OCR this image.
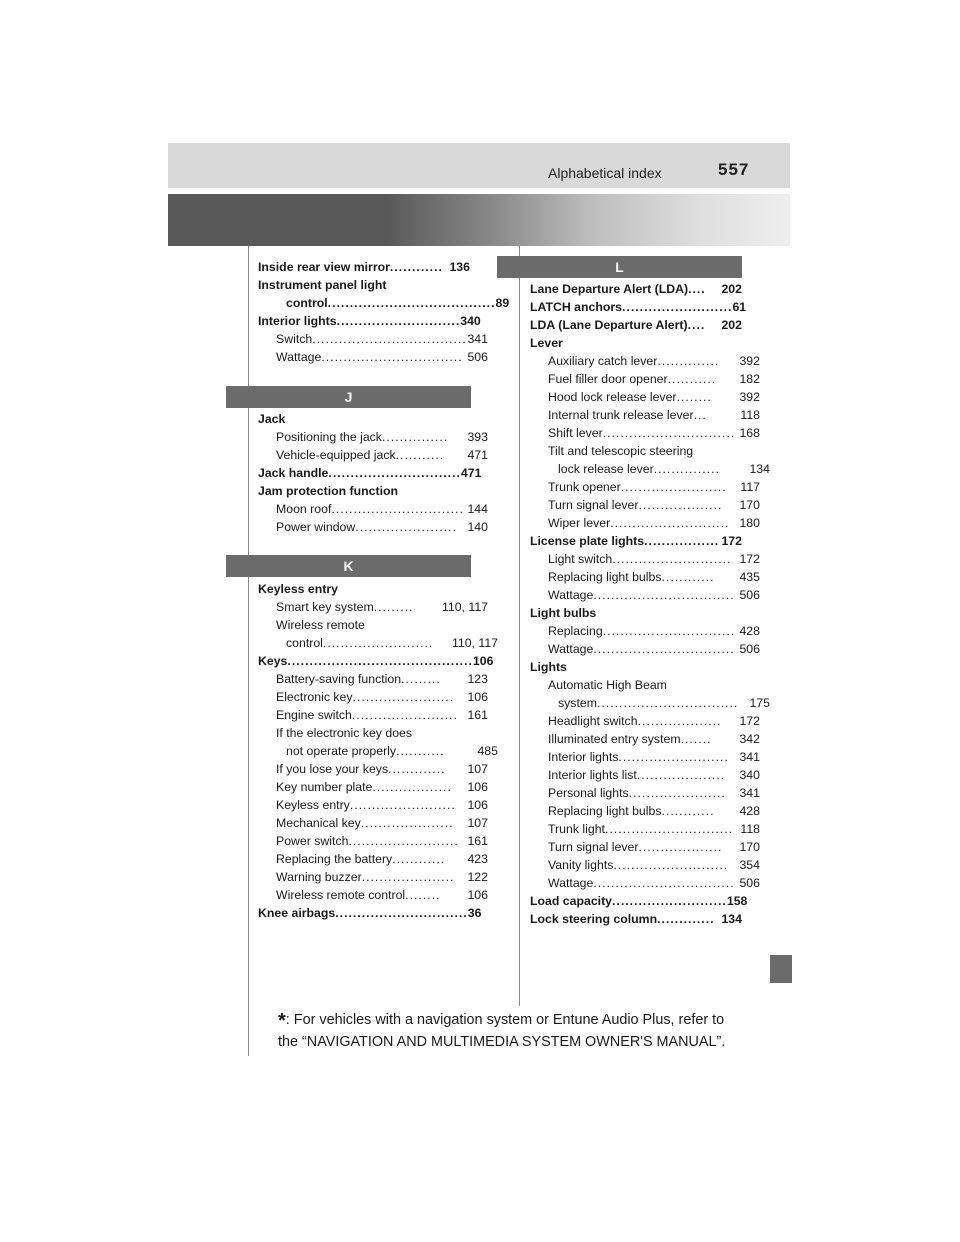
Alphabetical index	557
Inside rear view mirror ............ 136
Instrument panel light
control ...................................... 89
Interior lights ............................ 340
Switch ................................... 341
Wattage ................................ 506
J
Jack
Positioning the jack ...............	393
Vehicle-equipped jack ...........	471
Jack handle .............................. 471
Jam protection function
Moon roof .............................. 144
Power window ....................... 140
K
Keyless entry
Smart key system .........	110, 117
Wireless remote
control .........................	110, 117
Keys .......................................... 106
Battery-saving function .........	123
Electronic key .......................	106
Engine switch ........................ 161
If the electronic key does
not operate properly ...........	485
If you lose your keys .............	107
Key number plate ..................	106
Keyless entry ........................ 106
Mechanical key .....................	107
Power switch ......................... 161
Replacing the battery ............	423
Warning buzzer .....................	122
Wireless remote control ........	106
Knee airbags .............................. 36
L
Lane Departure Alert (LDA) ....	202
LATCH anchors ......................... 61
LDA (Lane Departure Alert) ....	202
Lever
Auxiliary catch lever ..............	392
Fuel filler door opener ...........	182
Hood lock release lever ........	392
Internal trunk release lever ...	118
Shift lever .............................. 168
Tilt and telescopic steering
lock release lever ...............	134
Trunk opener ........................	117
Turn signal lever ...................	170
Wiper lever ........................... 180
License plate lights ................. 172
Light switch ........................... 172
Replacing light bulbs ............	435
Wattage ................................ 506
Light bulbs
Replacing .............................. 428
Wattage ................................ 506
Lights
Automatic High Beam
system ................................ 175
Headlight switch ...................	172
Illuminated entry system .......	342
Interior lights ......................... 341
Interior lights list ....................	340
Personal lights ......................	341
Replacing light bulbs ............	428
Trunk light ............................. 118
Turn signal lever ...................	170
Vanity lights .......................... 354
Wattage ................................ 506
Load capacity .......................... 158
Lock steering column ............. 134
*: For vehicles with a navigation system or Entune Audio Plus, refer to the “NAVIGATION AND MULTIMEDIA SYSTEM OWNER'S MANUAL”.
